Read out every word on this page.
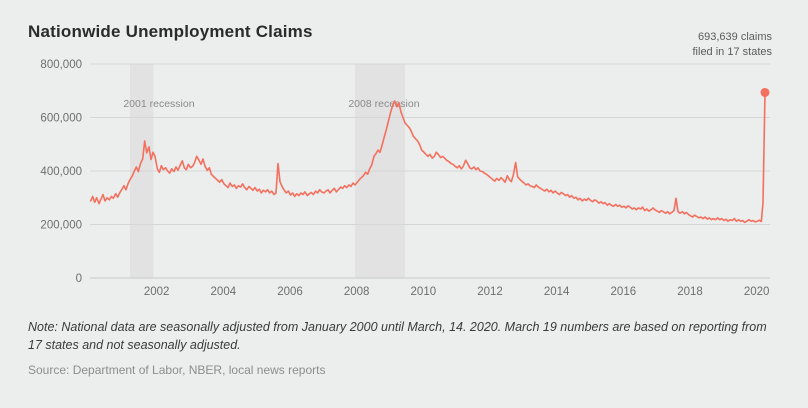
Nationwide Unemployment Claims
0
200,000
400,000
600,000
800,000
2002	2004	2006	2008	2010	2012	2014	2016	2018	2020
2001 recession	2008 recession
693,639 claims
filed in 17 states
Note: National data are seasonally adjusted from January 2000 until March, 14. 2020. March 19 numbers are based on reporting from 17 states and not seasonally adjusted.
Source: Department of Labor, NBER, local news reports
